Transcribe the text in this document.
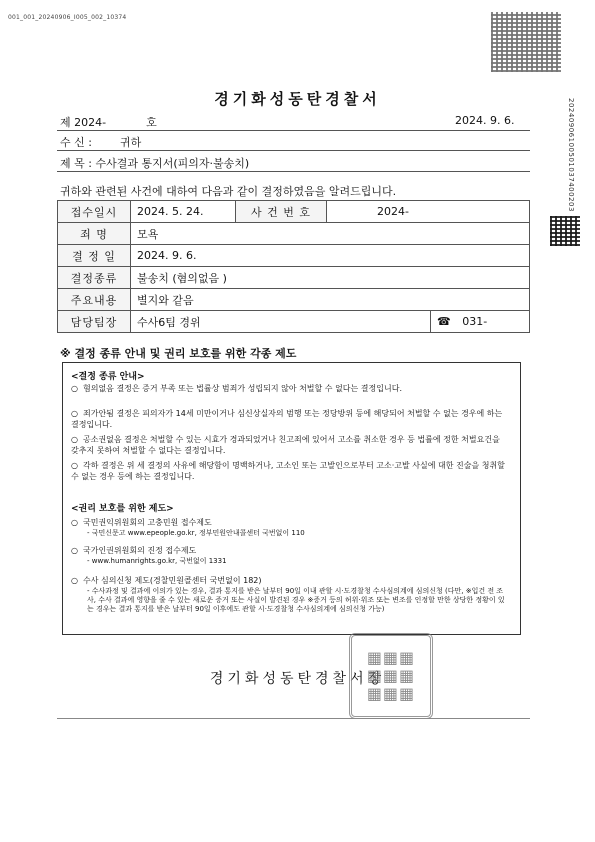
001_001_20240906_I005_002_10374
20240906100501037400203
경기화성동탄경찰서
제 2024-	호	2024. 9. 6.
수 신 :	귀하
제 목 : 수사결과 통지서(피의자·불송치)
귀하와 관련된 사건에 대하여 다음과 같이 결정하였음을 알려드립니다.
접수일시	2024. 5. 24.	사 건 번 호	2024-	
죄 명	모욕			
결 정 일	2024. 9. 6.			
결정종류	불송치 (혐의없음 )			
주요내용	별지와 같음			
담당팀장	수사6팀 경위			☎ 031-
※ 결정 종류 안내 및 권리 보호를 위한 각종 제도
<결정 종류 안내>
○ 혐의없음 결정은 증거 부족 또는 법률상 범죄가 성립되지 않아 처벌할 수 없다는 결정입니다.
○ 죄가안됨 결정은 피의자가 14세 미만이거나 심신상실자의 범행 또는 정당방위 등에 해당되어 처벌할 수 없는 경우에 하는 결정입니다.
○ 공소권없음 결정은 처벌할 수 있는 시효가 경과되었거나 친고죄에 있어서 고소를 취소한 경우 등 법률에 정한 처벌요건을 갖추지 못하여 처벌할 수 없다는 결정입니다.
○ 각하 결정은 위 세 결정의 사유에 해당함이 명백하거나, 고소인 또는 고발인으로부터 고소·고발 사실에 대한 진술을 청취할 수 없는 경우 등에 하는 결정입니다.
<권리 보호를 위한 제도>
○ 국민권익위원회의 고충민원 접수제도
- 국민신문고 www.epeople.go.kr, 정부민원안내콜센터 국번없이 110
○ 국가인권위원회의 진정 접수제도
- www.humanrights.go.kr, 국번없이 1331
○ 수사 심의신청 제도(경찰민원콜센터 국번없이 182)
- 수사과정 및 결과에 이의가 있는 경우, 결과 통지를 받은 날부터 90일 이내 관할 시·도경찰청 수사심의계에 심의신청 (다만, ※입건 전 조사, 수사 결과에 영향을 줄 수 있는 새로운 증거 또는 사실이 발견된 경우 ※증거 등의 허위·위조 또는 변조를 인정할 만한 상당한 정황이 있는 경우는 결과 통지를 받은 날부터 90일 이후에도 관할 시·도경찰청 수사심의계에 심의신청 가능)
경기화성동탄경찰서장
▦▦▦
▦▦▦
▦▦▦
